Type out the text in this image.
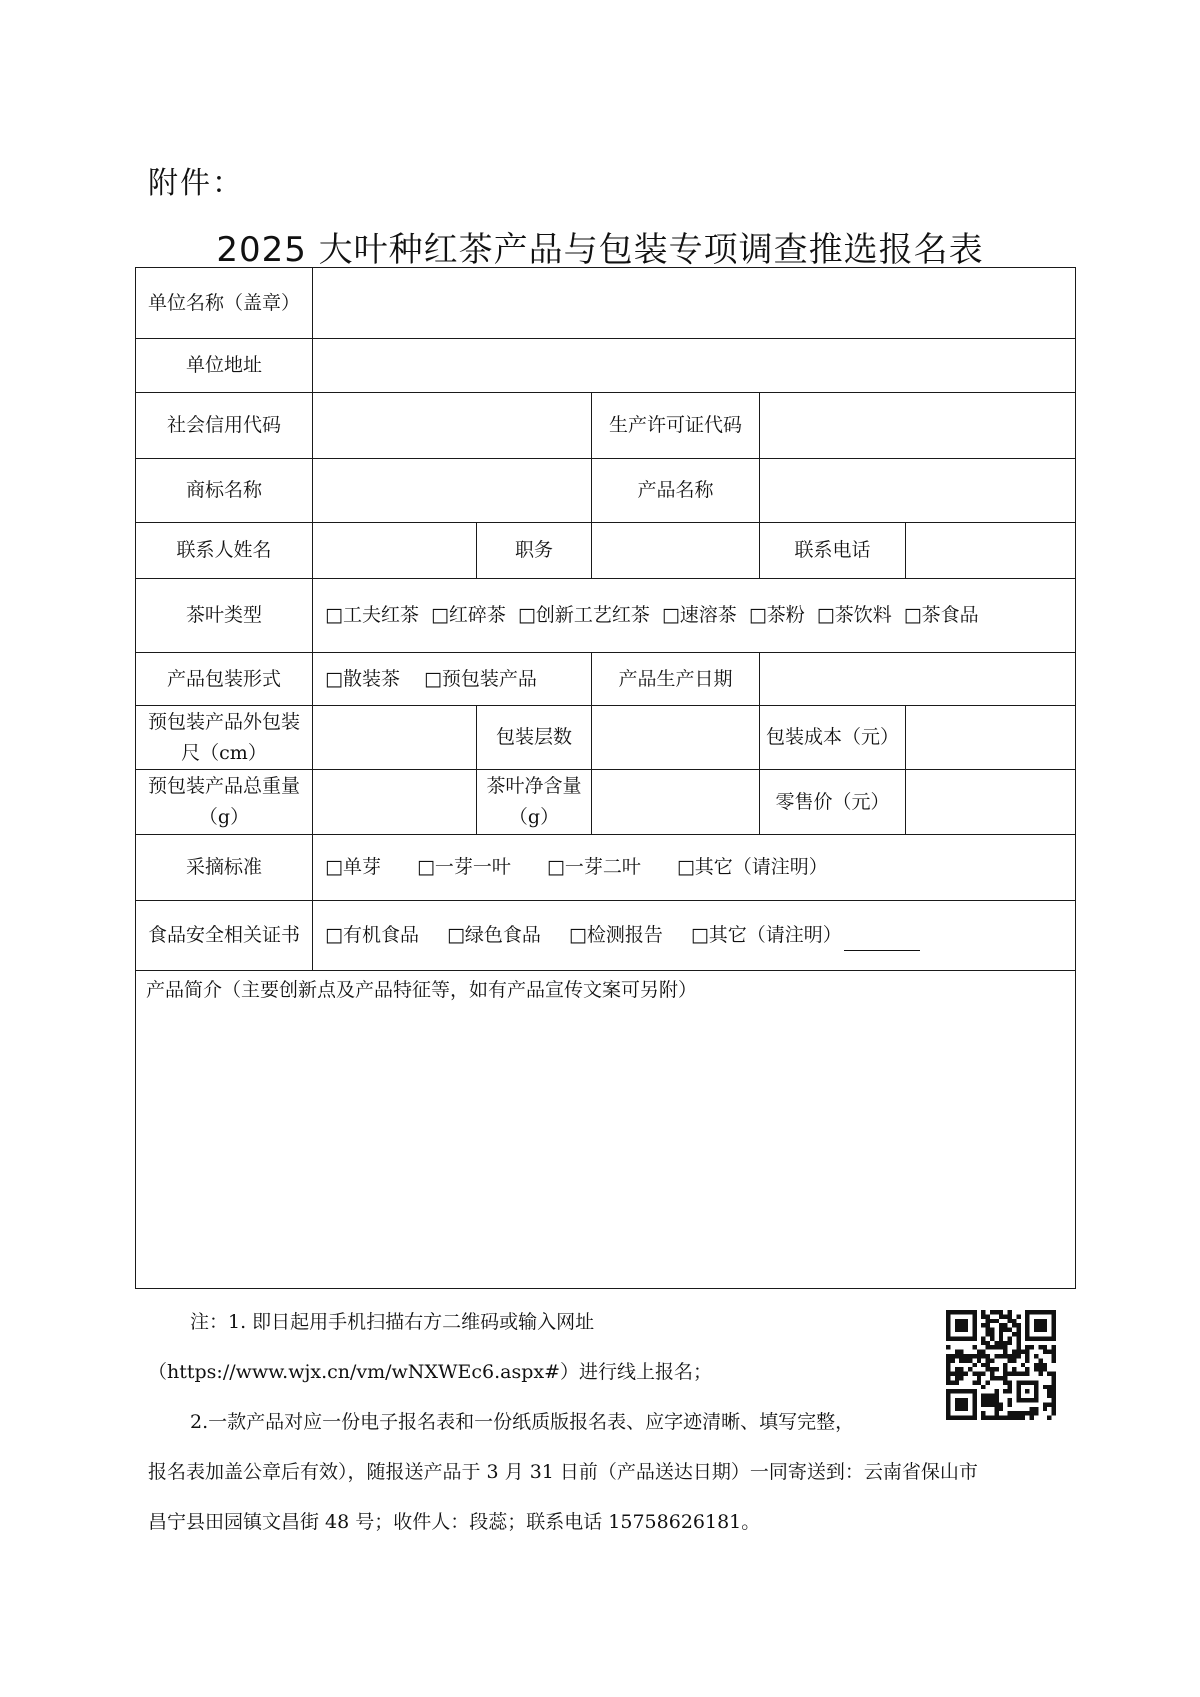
附件：
2025 大叶种红茶产品与包装专项调查推选报名表
单位名称（盖章）					
单位地址					
社会信用代码			生产许可证代码		
商标名称			产品名称		
联系人姓名		职务		联系电话	
茶叶类型	□工夫红茶 □红碎茶 □创新工艺红茶 □速溶茶 □茶粉 □茶饮料 □茶食品				
产品包装形式	□散装茶 □预包装产品		产品生产日期		
预包装产品外包装尺（cm）		包装层数		包装成本（元）	
预包装产品总重量（g）		茶叶净含量（g）		零售价（元）	
采摘标准	□单芽 □一芽一叶 □一芽二叶 □其它（请注明）				
食品安全相关证书	□有机食品 □绿色食品 □检测报告 □其它（请注明）				
产品简介（主要创新点及产品特征等，如有产品宣传文案可另附）					

注：1. 即日起用手机扫描右方二维码或输入网址

（https://www.wjx.cn/vm/wNXWEc6.aspx#）进行线上报名；

2.一款产品对应一份电子报名表和一份纸质版报名表、应字迹清晰、填写完整，

报名表加盖公章后有效），随报送产品于 3 月 31 日前（产品送达日期）一同寄送到：云南省保山市

昌宁县田园镇文昌街 48 号；收件人：段蕊；联系电话 15758626181。
